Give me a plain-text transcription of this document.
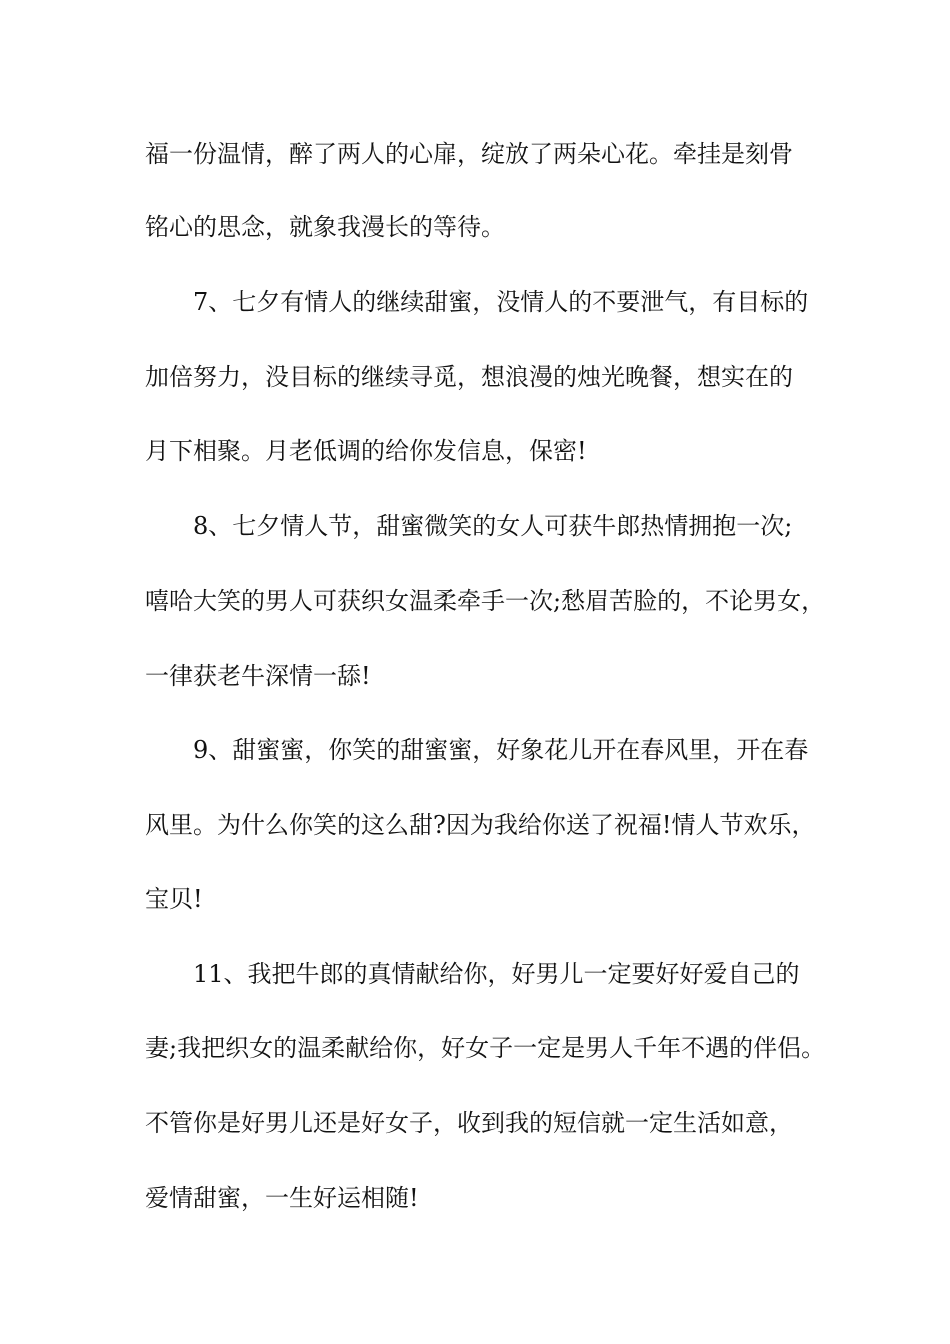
福一份温情，醉了两人的心扉，绽放了两朵心花。牵挂是刻骨
铭心的思念，就象我漫长的等待。
7、七夕有情人的继续甜蜜，没情人的不要泄气，有目标的
加倍努力，没目标的继续寻觅，想浪漫的烛光晚餐，想实在的
月下相聚。月老低调的给你发信息，保密!
8、七夕情人节，甜蜜微笑的女人可获牛郎热情拥抱一次;
嘻哈大笑的男人可获织女温柔牵手一次;愁眉苦脸的，不论男女，
一律获老牛深情一舔!
9、甜蜜蜜，你笑的甜蜜蜜，好象花儿开在春风里，开在春
风里。为什么你笑的这么甜?因为我给你送了祝福!情人节欢乐，
宝贝!
11、我把牛郎的真情献给你，好男儿一定要好好爱自己的
妻;我把织女的温柔献给你，好女子一定是男人千年不遇的伴侣。
不管你是好男儿还是好女子，收到我的短信就一定生活如意，
爱情甜蜜，一生好运相随!
